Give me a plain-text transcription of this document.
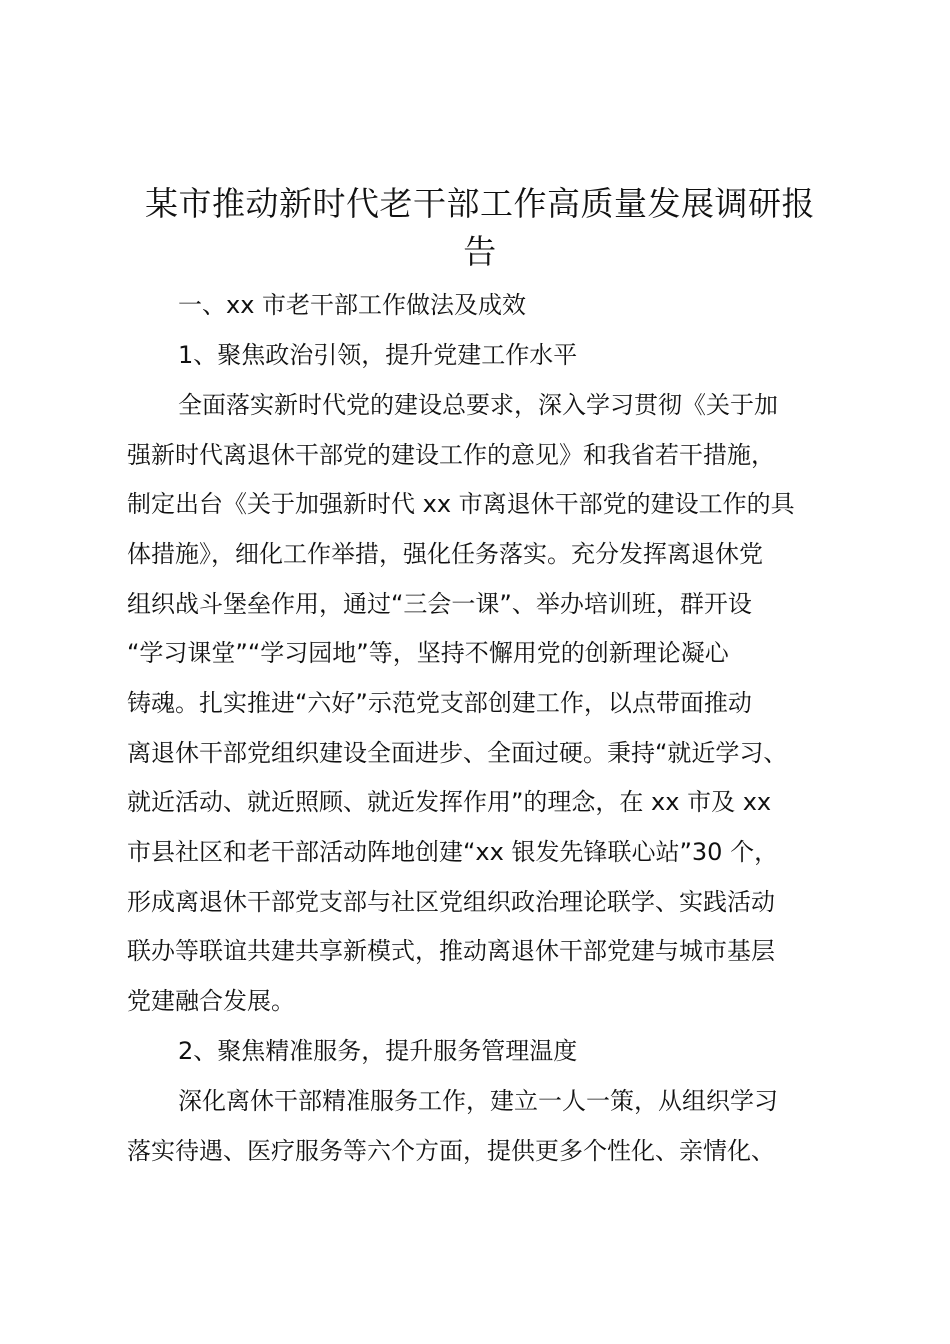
某市推动新时代老干部工作高质量发展调研报
告

一、xx 市老干部工作做法及成效

1、聚焦政治引领，提升党建工作水平

全面落实新时代党的建设总要求，深入学习贯彻《关于加

强新时代离退休干部党的建设工作的意见》和我省若干措施，

制定出台《关于加强新时代 xx 市离退休干部党的建设工作的具

体措施》，细化工作举措，强化任务落实。充分发挥离退休党

组织战斗堡垒作用，通过“三会一课”、举办培训班，群开设

“学习课堂”“学习园地”等，坚持不懈用党的创新理论凝心

铸魂。扎实推进“六好”示范党支部创建工作，以点带面推动

离退休干部党组织建设全面进步、全面过硬。秉持“就近学习、

就近活动、就近照顾、就近发挥作用”的理念，在 xx 市及 xx

市县社区和老干部活动阵地创建“xx 银发先锋联心站”30 个，

形成离退休干部党支部与社区党组织政治理论联学、实践活动

联办等联谊共建共享新模式，推动离退休干部党建与城市基层

党建融合发展。

2、聚焦精准服务，提升服务管理温度

深化离休干部精准服务工作，建立一人一策，从组织学习

落实待遇、医疗服务等六个方面，提供更多个性化、亲情化、
